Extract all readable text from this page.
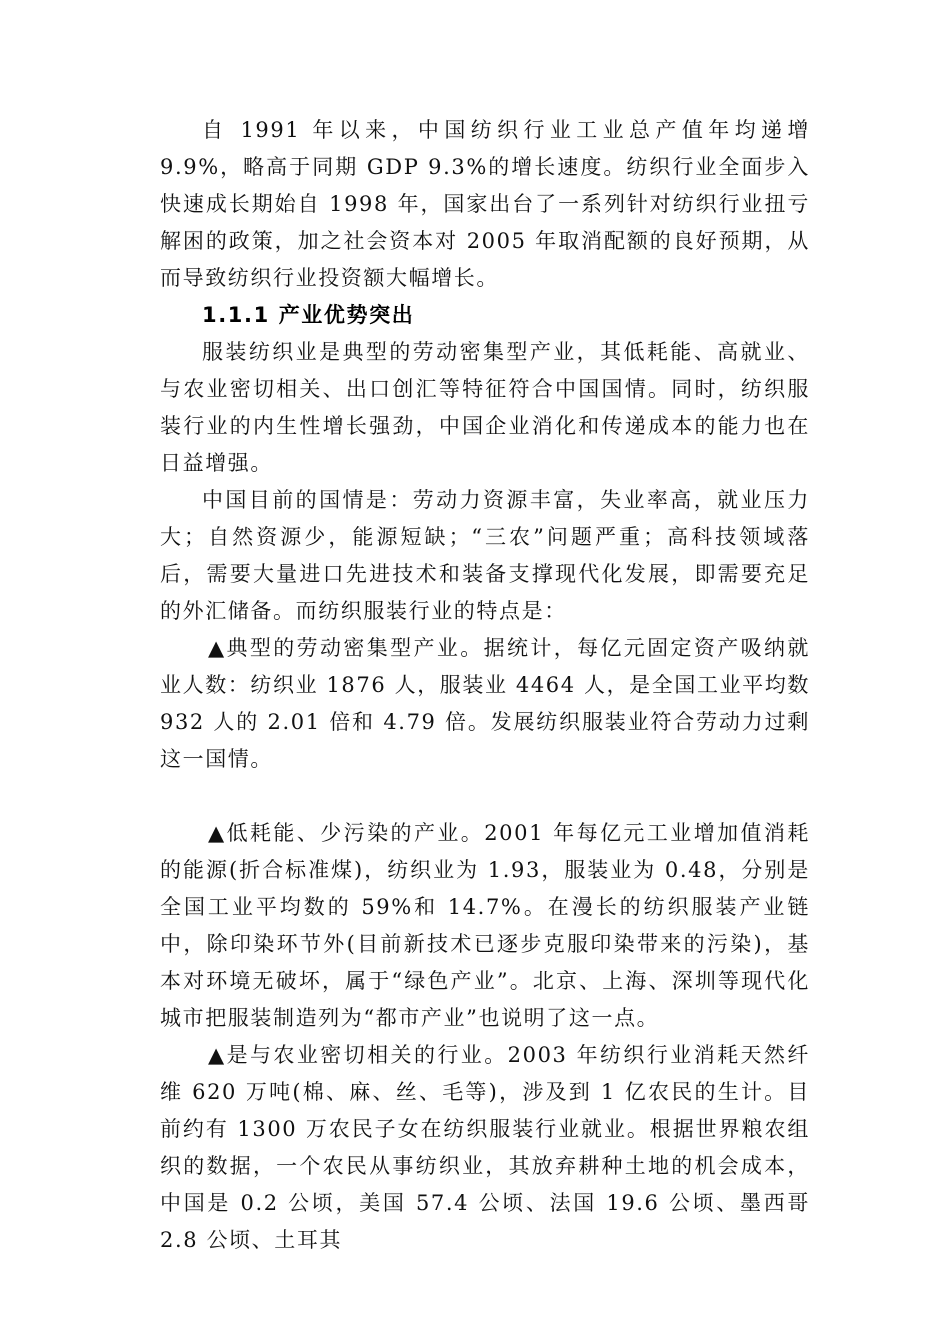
自 1991 年以来，中国纺织行业工业总产值年均递增 9.9%，略高于同期 GDP 9.3%的增长速度。纺织行业全面步入快速成长期始自 1998 年，国家出台了一系列针对纺织行业扭亏解困的政策，加之社会资本对 2005 年取消配额的良好预期，从而导致纺织行业投资额大幅增长。

1.1.1 产业优势突出

服装纺织业是典型的劳动密集型产业，其低耗能、高就业、与农业密切相关、出口创汇等特征符合中国国情。同时，纺织服装行业的内生性增长强劲，中国企业消化和传递成本的能力也在日益增强。

中国目前的国情是：劳动力资源丰富，失业率高，就业压力大；自然资源少，能源短缺；“三农”问题严重；高科技领域落后，需要大量进口先进技术和装备支撑现代化发展，即需要充足的外汇储备。而纺织服装行业的特点是：

▲典型的劳动密集型产业。据统计，每亿元固定资产吸纳就业人数：纺织业 1876 人，服装业 4464 人，是全国工业平均数 932 人的 2.01 倍和 4.79 倍。发展纺织服装业符合劳动力过剩这一国情。

▲低耗能、少污染的产业。2001 年每亿元工业增加值消耗的能源(折合标准煤)，纺织业为 1.93，服装业为 0.48，分别是全国工业平均数的 59%和 14.7%。在漫长的纺织服装产业链中，除印染环节外(目前新技术已逐步克服印染带来的污染)，基本对环境无破坏，属于“绿色产业”。北京、上海、深圳等现代化城市把服装制造列为“都市产业”也说明了这一点。

▲是与农业密切相关的行业。2003 年纺织行业消耗天然纤维 620 万吨(棉、麻、丝、毛等)，涉及到 1 亿农民的生计。目前约有 1300 万农民子女在纺织服装行业就业。根据世界粮农组织的数据，一个农民从事纺织业，其放弃耕种土地的机会成本，中国是 0.2 公顷，美国 57.4 公顷、法国 19.6 公顷、墨西哥 2.8 公顷、土耳其
